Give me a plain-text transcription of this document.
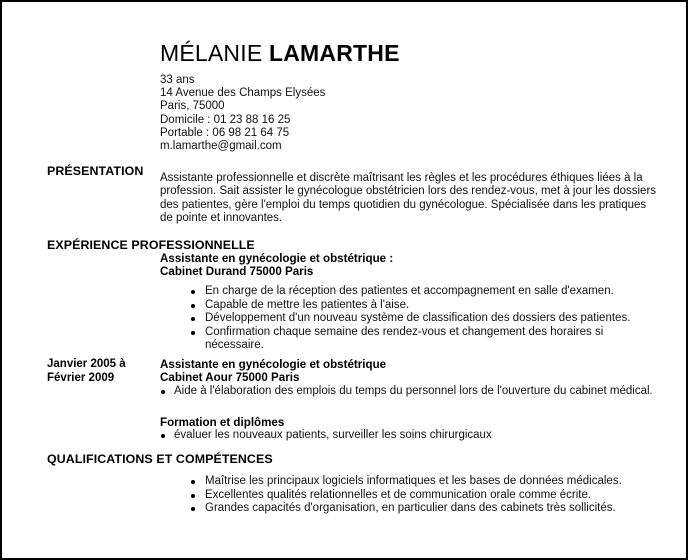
MÉLANIE LAMARTHE
33 ans
14 Avenue des Champs Elysées
Paris, 75000
Domicile : 01 23 88 16 25
Portable : 06 98 21 64 75
m.lamarthe@gmail.com
PRÉSENTATION	Assistante professionnelle et discrète maîtrisant les règles et les procédures éthiques liées à la profession. Sait assister le gynécologue obstétricien lors des rendez-vous, met à jour les dossiers des patientes, gère l'emploi du temps quotidien du gynécologue. Spécialisée dans les pratiques de pointe et innovantes.
EXPÉRIENCE PROFESSIONNELLE
Assistante en gynécologie et obstétrique :
Cabinet Durand 75000 Paris
En charge de la réception des patientes et accompagnement en salle d'examen.
Capable de mettre les patientes à l'aise.
Développement d'un nouveau système de classification des dossiers des patientes.
Confirmation chaque semaine des rendez-vous et changement des horaires si nécessaire.
Janvier 2005 à Février 2009
Assistante en gynécologie et obstétrique
Cabinet Aour 75000 Paris
Aide à l'élaboration des emplois du temps du personnel lors de l'ouverture du cabinet médical.
Formation et diplômes
évaluer les nouveaux patients, surveiller les soins chirurgicaux
QUALIFICATIONS ET COMPÉTENCES
Maîtrise les principaux logiciels informatiques et les bases de données médicales.
Excellentes qualités relationnelles et de communication orale comme écrite.
Grandes capacités d'organisation, en particulier dans des cabinets très sollicités.
